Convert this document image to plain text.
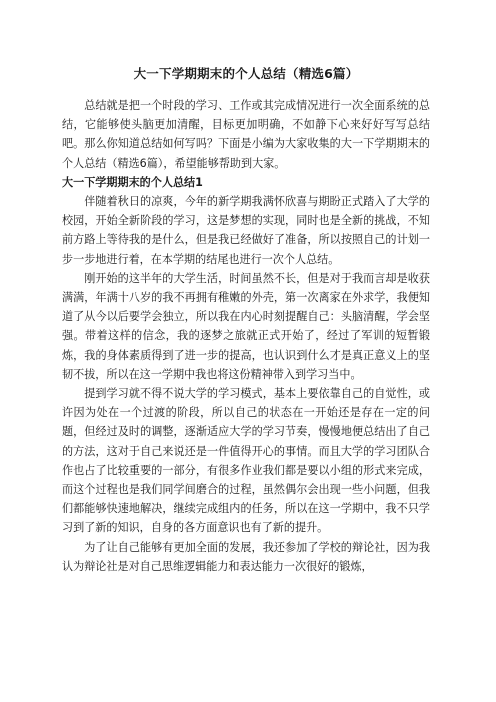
大一下学期期末的个人总结（精选6篇）

总结就是把一个时段的学习、工作或其完成情况进行一次全面系统的总结，它能够使头脑更加清醒，目标更加明确，不如静下心来好好写写总结吧。那么你知道总结如何写吗？下面是小编为大家收集的大一下学期期末的个人总结（精选6篇），希望能够帮助到大家。

大一下学期期末的个人总结1

伴随着秋日的凉爽，今年的新学期我满怀欣喜与期盼正式踏入了大学的校园，开始全新阶段的学习，这是梦想的实现，同时也是全新的挑战，不知前方路上等待我的是什么，但是我已经做好了准备，所以按照自己的计划一步一步地进行着，在本学期的结尾也进行一次个人总结。

刚开始的这半年的大学生活，时间虽然不长，但是对于我而言却是收获满满，年满十八岁的我不再拥有稚嫩的外壳，第一次离家在外求学，我便知道了从今以后要学会独立，所以我在内心时刻提醒自己：头脑清醒，学会坚强。带着这样的信念，我的逐梦之旅就正式开始了，经过了军训的短暂锻炼，我的身体素质得到了进一步的提高，也认识到什么才是真正意义上的坚韧不拔，所以在这一学期中我也将这份精神带入到学习当中。

提到学习就不得不说大学的学习模式，基本上要依靠自己的自觉性，或许因为处在一个过渡的阶段，所以自己的状态在一开始还是存在一定的问题，但经过及时的调整，逐渐适应大学的学习节奏，慢慢地便总结出了自己的方法，这对于自己来说还是一件值得开心的事情。而且大学的学习团队合作也占了比较重要的一部分，有很多作业我们都是要以小组的形式来完成，而这个过程也是我们同学间磨合的过程，虽然偶尔会出现一些小问题，但我们都能够快速地解决，继续完成组内的任务，所以在这一学期中，我不只学习到了新的知识，自身的各方面意识也有了新的提升。

为了让自己能够有更加全面的发展，我还参加了学校的辩论社，因为我认为辩论社是对自己思维逻辑能力和表达能力一次很好的锻炼，
